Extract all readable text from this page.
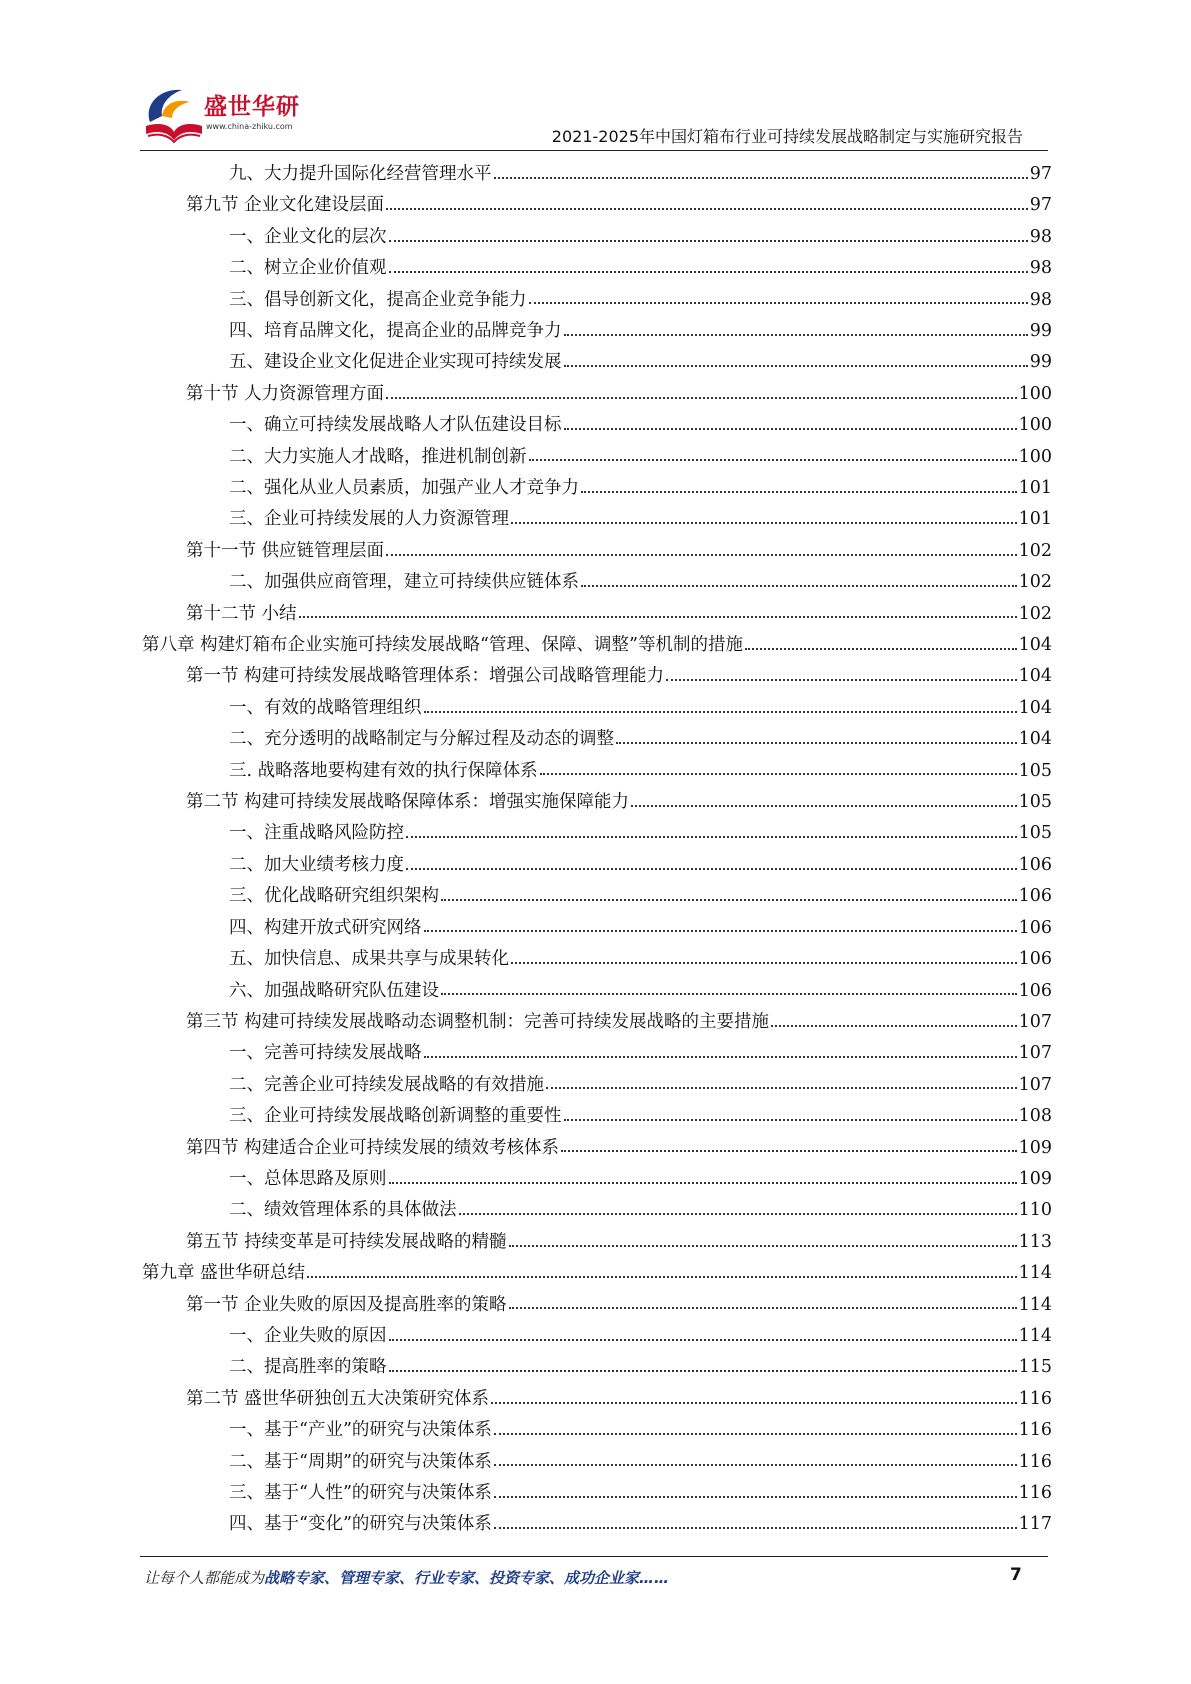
盛世华研
www.china-zhiku.com
2021-2025年中国灯箱布行业可持续发展战略制定与实施研究报告
九、大力提升国际化经营管理水平	97
第九节 企业文化建设层面	97
一、企业文化的层次	98
二、树立企业价值观	98
三、倡导创新文化，提高企业竞争能力	98
四、培育品牌文化，提高企业的品牌竞争力	99
五、建设企业文化促进企业实现可持续发展	99
第十节 人力资源管理方面	100
一、确立可持续发展战略人才队伍建设目标	100
二、大力实施人才战略，推进机制创新	100
二、强化从业人员素质，加强产业人才竞争力	101
三、企业可持续发展的人力资源管理	101
第十一节 供应链管理层面	102
二、加强供应商管理，建立可持续供应链体系	102
第十二节 小结	102
第八章 构建灯箱布企业实施可持续发展战略“管理、保障、调整”等机制的措施	104
第一节 构建可持续发展战略管理体系：增强公司战略管理能力	104
一、有效的战略管理组织	104
二、充分透明的战略制定与分解过程及动态的调整	104
三. 战略落地要构建有效的执行保障体系	105
第二节 构建可持续发展战略保障体系：增强实施保障能力	105
一、注重战略风险防控	105
二、加大业绩考核力度	106
三、优化战略研究组织架构	106
四、构建开放式研究网络	106
五、加快信息、成果共享与成果转化	106
六、加强战略研究队伍建设	106
第三节 构建可持续发展战略动态调整机制：完善可持续发展战略的主要措施	107
一、完善可持续发展战略	107
二、完善企业可持续发展战略的有效措施	107
三、企业可持续发展战略创新调整的重要性	108
第四节 构建适合企业可持续发展的绩效考核体系	109
一、总体思路及原则	109
二、绩效管理体系的具体做法	110
第五节 持续变革是可持续发展战略的精髓	113
第九章 盛世华研总结	114
第一节 企业失败的原因及提高胜率的策略	114
一、企业失败的原因	114
二、提高胜率的策略	115
第二节 盛世华研独创五大决策研究体系	116
一、基于“产业”的研究与决策体系	116
二、基于“周期”的研究与决策体系	116
三、基于“人性”的研究与决策体系	116
四、基于“变化”的研究与决策体系	117
让每个人都能成为战略专家、管理专家、行业专家、投资专家、成功企业家……	7
